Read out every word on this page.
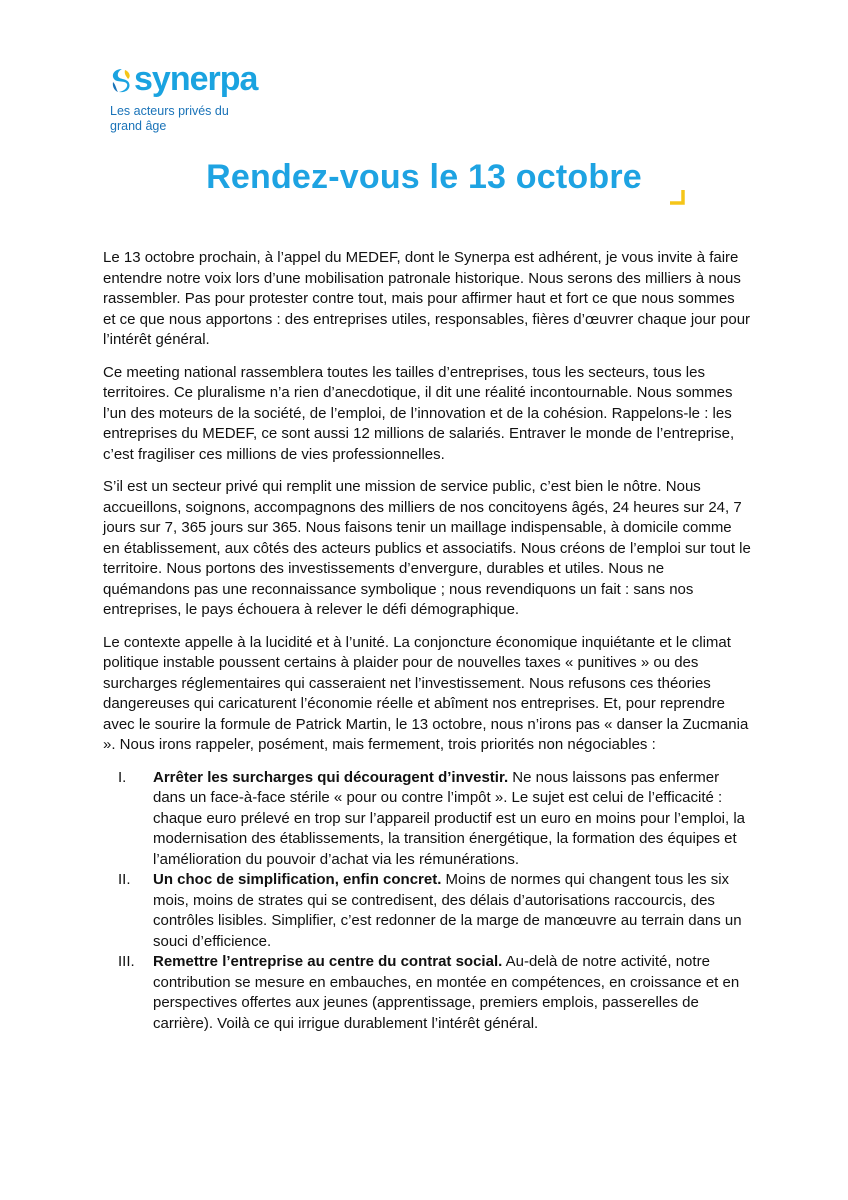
synerpa
Les acteurs privés du grand âge
Rendez-vous le 13 octobre

Le 13 octobre prochain, à l’appel du MEDEF, dont le Synerpa est adhérent, je vous invite à faire entendre notre voix lors d’une mobilisation patronale historique. Nous serons des milliers à nous rassembler. Pas pour protester contre tout, mais pour affirmer haut et fort ce que nous sommes et ce que nous apportons : des entreprises utiles, responsables, fières d’œuvrer chaque jour pour l’intérêt général.

Ce meeting national rassemblera toutes les tailles d’entreprises, tous les secteurs, tous les territoires. Ce pluralisme n’a rien d’anecdotique, il dit une réalité incontournable. Nous sommes l’un des moteurs de la société, de l’emploi, de l’innovation et de la cohésion. Rappelons-le : les entreprises du MEDEF, ce sont aussi 12 millions de salariés. Entraver le monde de l’entreprise, c’est fragiliser ces millions de vies professionnelles.

S’il est un secteur privé qui remplit une mission de service public, c’est bien le nôtre. Nous accueillons, soignons, accompagnons des milliers de nos concitoyens âgés, 24 heures sur 24, 7 jours sur 7, 365 jours sur 365. Nous faisons tenir un maillage indispensable, à domicile comme en établissement, aux côtés des acteurs publics et associatifs. Nous créons de l’emploi sur tout le territoire. Nous portons des investissements d’envergure, durables et utiles. Nous ne quémandons pas une reconnaissance symbolique ; nous revendiquons un fait : sans nos entreprises, le pays échouera à relever le défi démographique.

Le contexte appelle à la lucidité et à l’unité. La conjoncture économique inquiétante et le climat politique instable poussent certains à plaider pour de nouvelles taxes « punitives » ou des surcharges réglementaires qui casseraient net l’investissement. Nous refusons ces théories dangereuses qui caricaturent l’économie réelle et abîment nos entreprises. Et, pour reprendre avec le sourire la formule de Patrick Martin, le 13 octobre, nous n’irons pas « danser la Zucmania ». Nous irons rappeler, posément, mais fermement, trois priorités non négociables :

I. Arrêter les surcharges qui découragent d’investir. Ne nous laissons pas enfermer dans un face-à-face stérile « pour ou contre l’impôt ». Le sujet est celui de l’efficacité : chaque euro prélevé en trop sur l’appareil productif est un euro en moins pour l’emploi, la modernisation des établissements, la transition énergétique, la formation des équipes et l’amélioration du pouvoir d’achat via les rémunérations.
II. Un choc de simplification, enfin concret. Moins de normes qui changent tous les six mois, moins de strates qui se contredisent, des délais d’autorisations raccourcis, des contrôles lisibles. Simplifier, c’est redonner de la marge de manœuvre au terrain dans un souci d’efficience.
III. Remettre l’entreprise au centre du contrat social. Au-delà de notre activité, notre contribution se mesure en embauches, en montée en compétences, en croissance et en perspectives offertes aux jeunes (apprentissage, premiers emplois, passerelles de carrière). Voilà ce qui irrigue durablement l’intérêt général.
